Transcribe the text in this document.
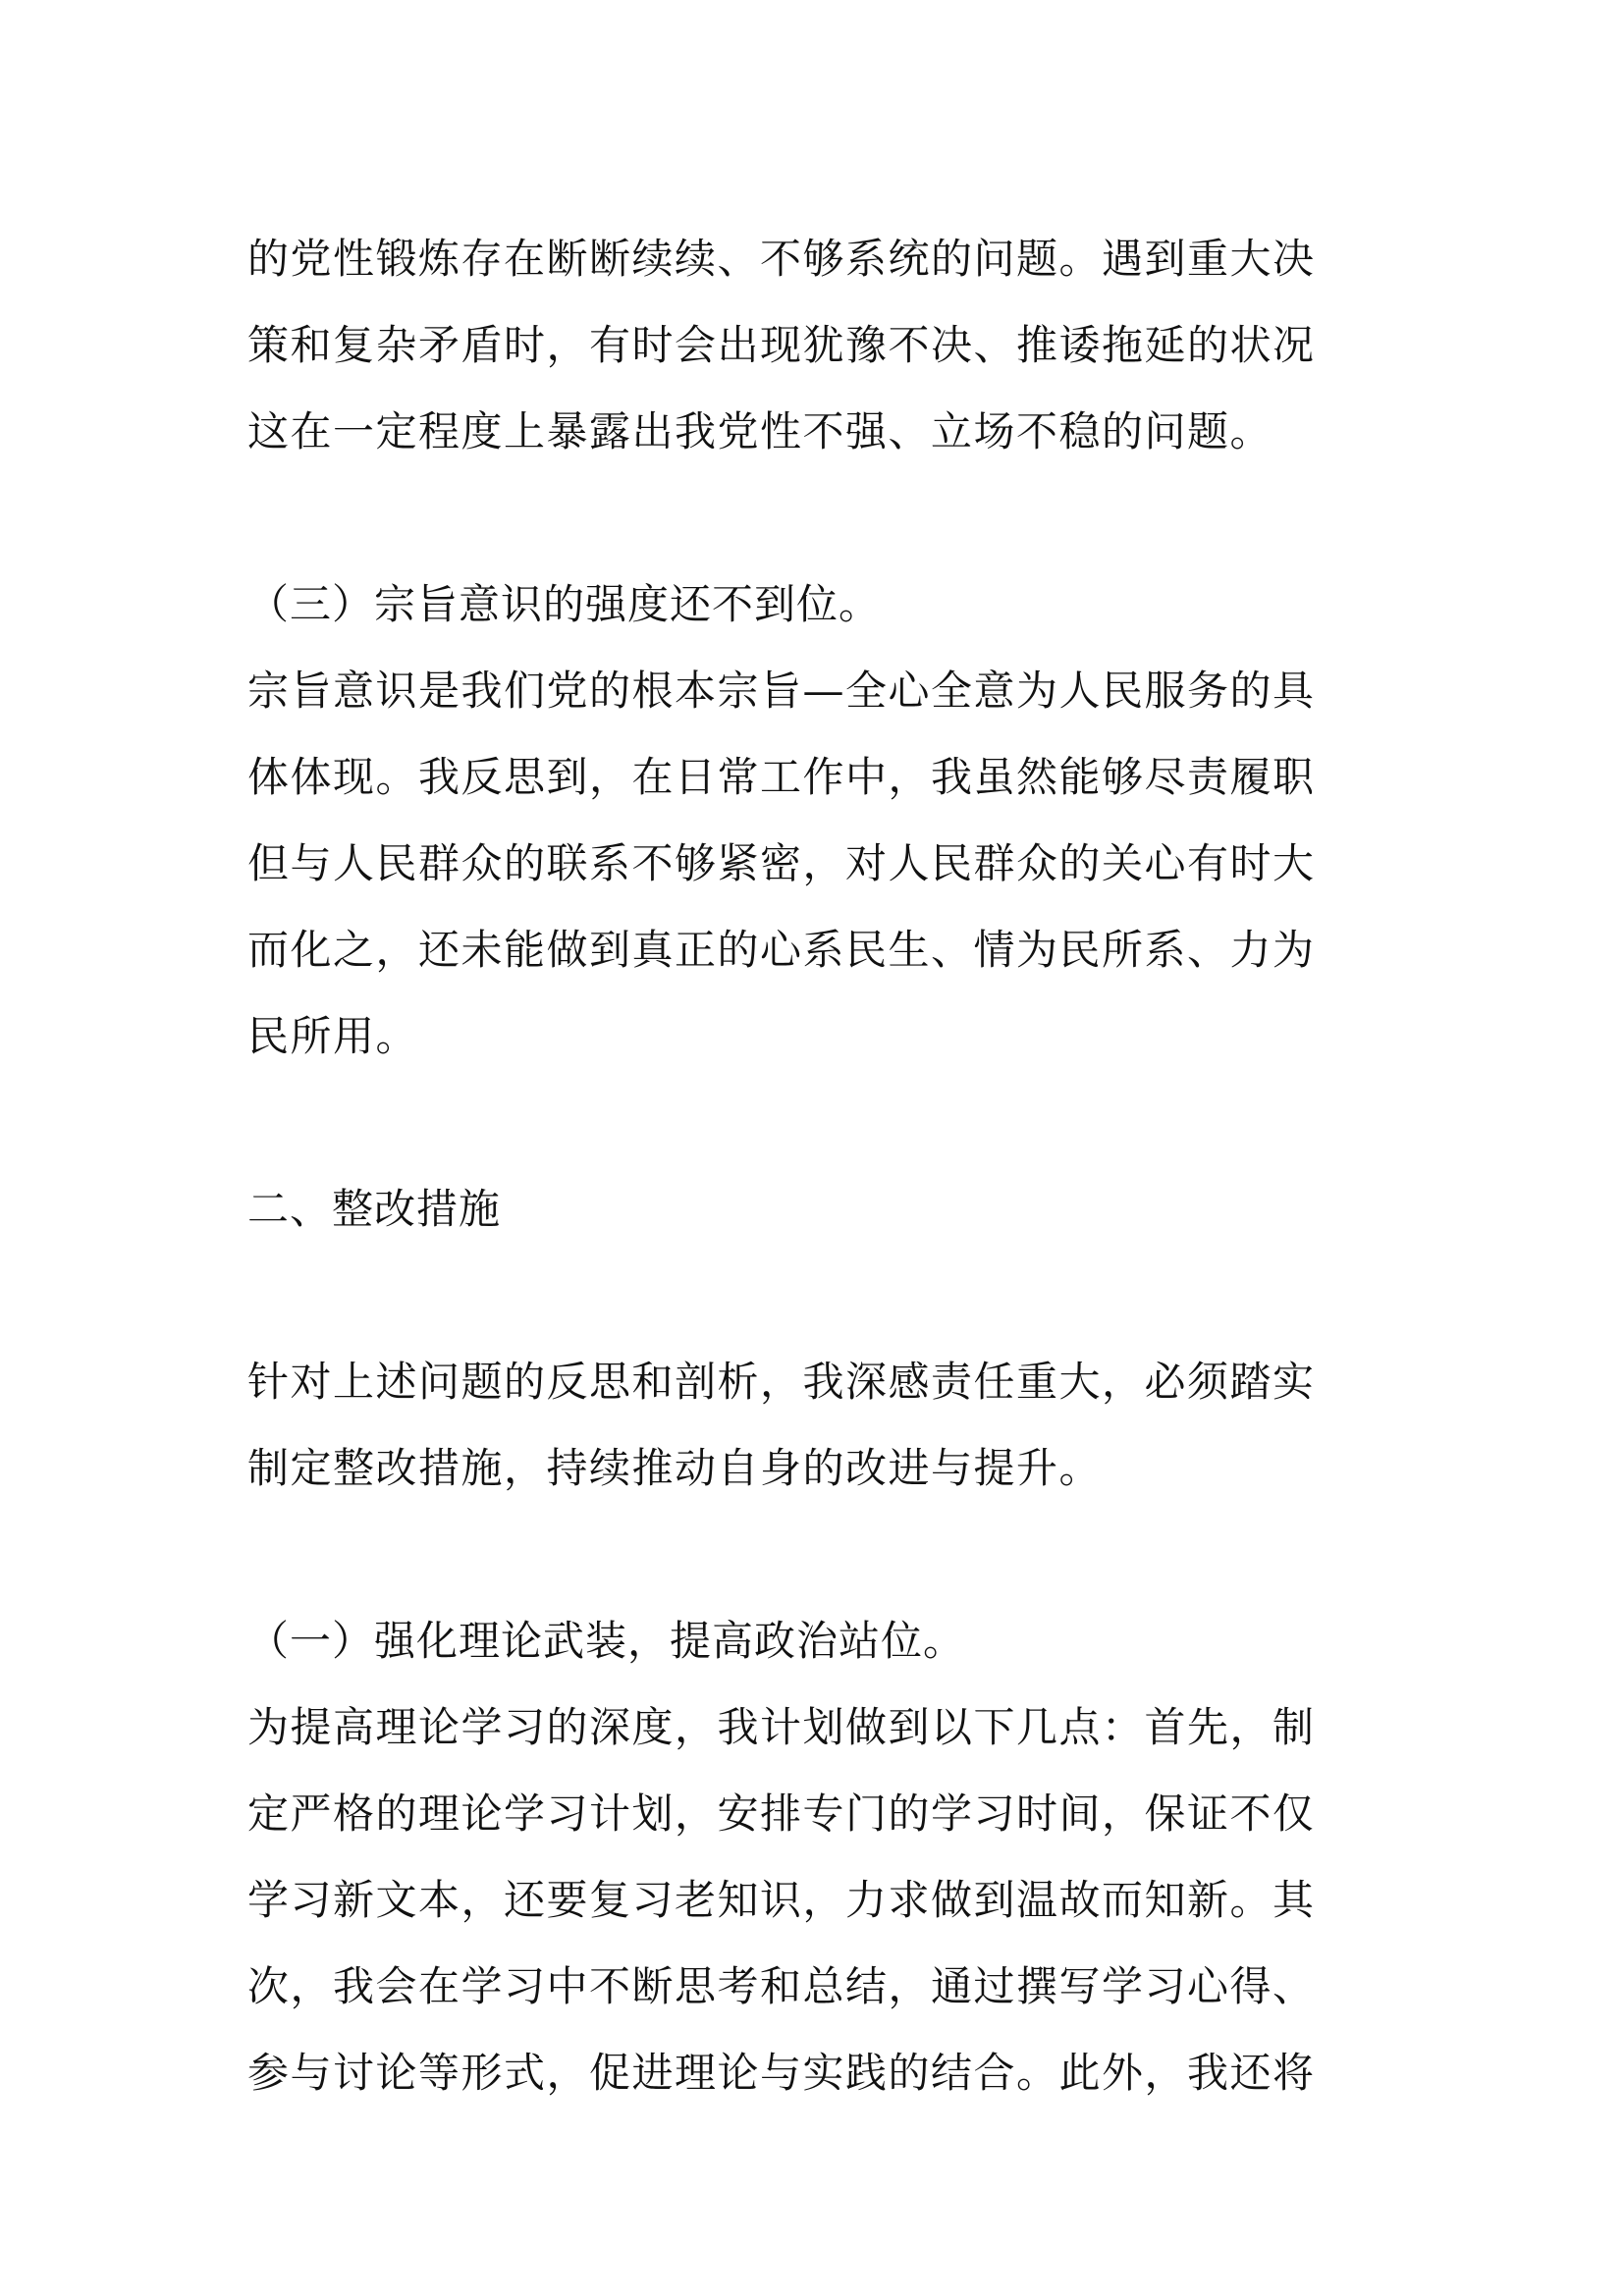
的党性锻炼存在断断续续、不够系统的问题。遇到重大决
策和复杂矛盾时，有时会出现犹豫不决、推诿拖延的状况
这在一定程度上暴露出我党性不强、立场不稳的问题。
（三）宗旨意识的强度还不到位。
宗旨意识是我们党的根本宗旨—全心全意为人民服务的具
体体现。我反思到，在日常工作中，我虽然能够尽责履职
但与人民群众的联系不够紧密，对人民群众的关心有时大
而化之，还未能做到真正的心系民生、情为民所系、力为
民所用。
二、整改措施
针对上述问题的反思和剖析，我深感责任重大，必须踏实
制定整改措施，持续推动自身的改进与提升。
（一）强化理论武装，提高政治站位。
为提高理论学习的深度，我计划做到以下几点：首先，制
定严格的理论学习计划，安排专门的学习时间，保证不仅
学习新文本，还要复习老知识，力求做到温故而知新。其
次，我会在学习中不断思考和总结，通过撰写学习心得、
参与讨论等形式，促进理论与实践的结合。此外，我还将
